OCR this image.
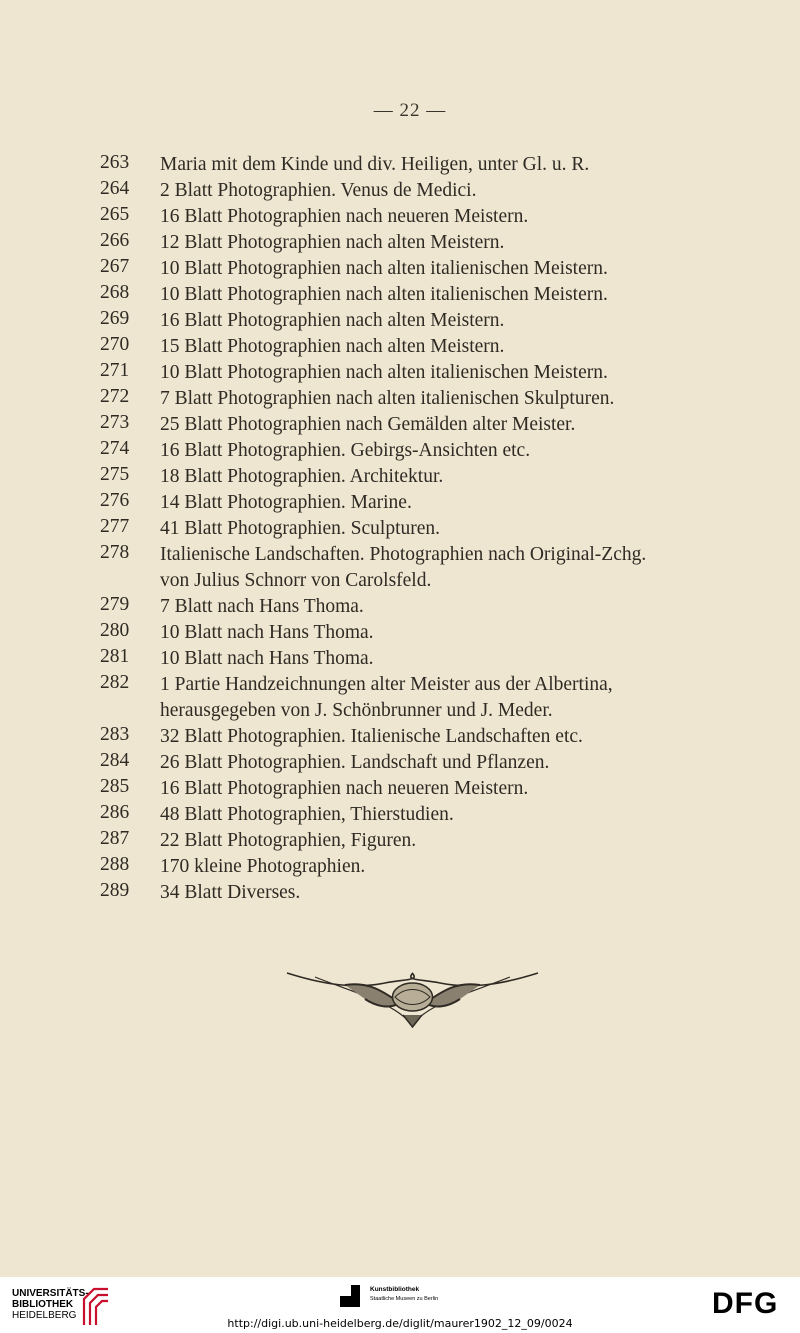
— 22 —
263	Maria mit dem Kinde und div. Heiligen, unter Gl. u. R.
264	2 Blatt Photographien. Venus de Medici.
265	16 Blatt Photographien nach neueren Meistern.
266	12 Blatt Photographien nach alten Meistern.
267	10 Blatt Photographien nach alten italienischen Meistern.
268	10 Blatt Photographien nach alten italienischen Meistern.
269	16 Blatt Photographien nach alten Meistern.
270	15 Blatt Photographien nach alten Meistern.
271	10 Blatt Photographien nach alten italienischen Meistern.
272	7 Blatt Photographien nach alten italienischen Skulpturen.
273	25 Blatt Photographien nach Gemälden alter Meister.
274	16 Blatt Photographien. Gebirgs-Ansichten etc.
275	18 Blatt Photographien. Architektur.
276	14 Blatt Photographien. Marine.
277	41 Blatt Photographien. Sculpturen.
278	Italienische Landschaften. Photographien nach Original-Zchg.
von Julius Schnorr von Carolsfeld.
279	7 Blatt nach Hans Thoma.
280	10 Blatt nach Hans Thoma.
281	10 Blatt nach Hans Thoma.
282	1 Partie Handzeichnungen alter Meister aus der Albertina,
herausgegeben von J. Schönbrunner und J. Meder.
283	32 Blatt Photographien. Italienische Landschaften etc.
284	26 Blatt Photographien. Landschaft und Pflanzen.
285	16 Blatt Photographien nach neueren Meistern.
286	48 Blatt Photographien, Thierstudien.
287	22 Blatt Photographien, Figuren.
288	170 kleine Photographien.
289	34 Blatt Diverses.
UNIVERSITÄTS-
BIBLIOTHEK
HEIDELBERG
Kunstbibliothek
Staatliche Museen zu Berlin	DFG
http://digi.ub.uni-heidelberg.de/diglit/maurer1902_12_09/0024
